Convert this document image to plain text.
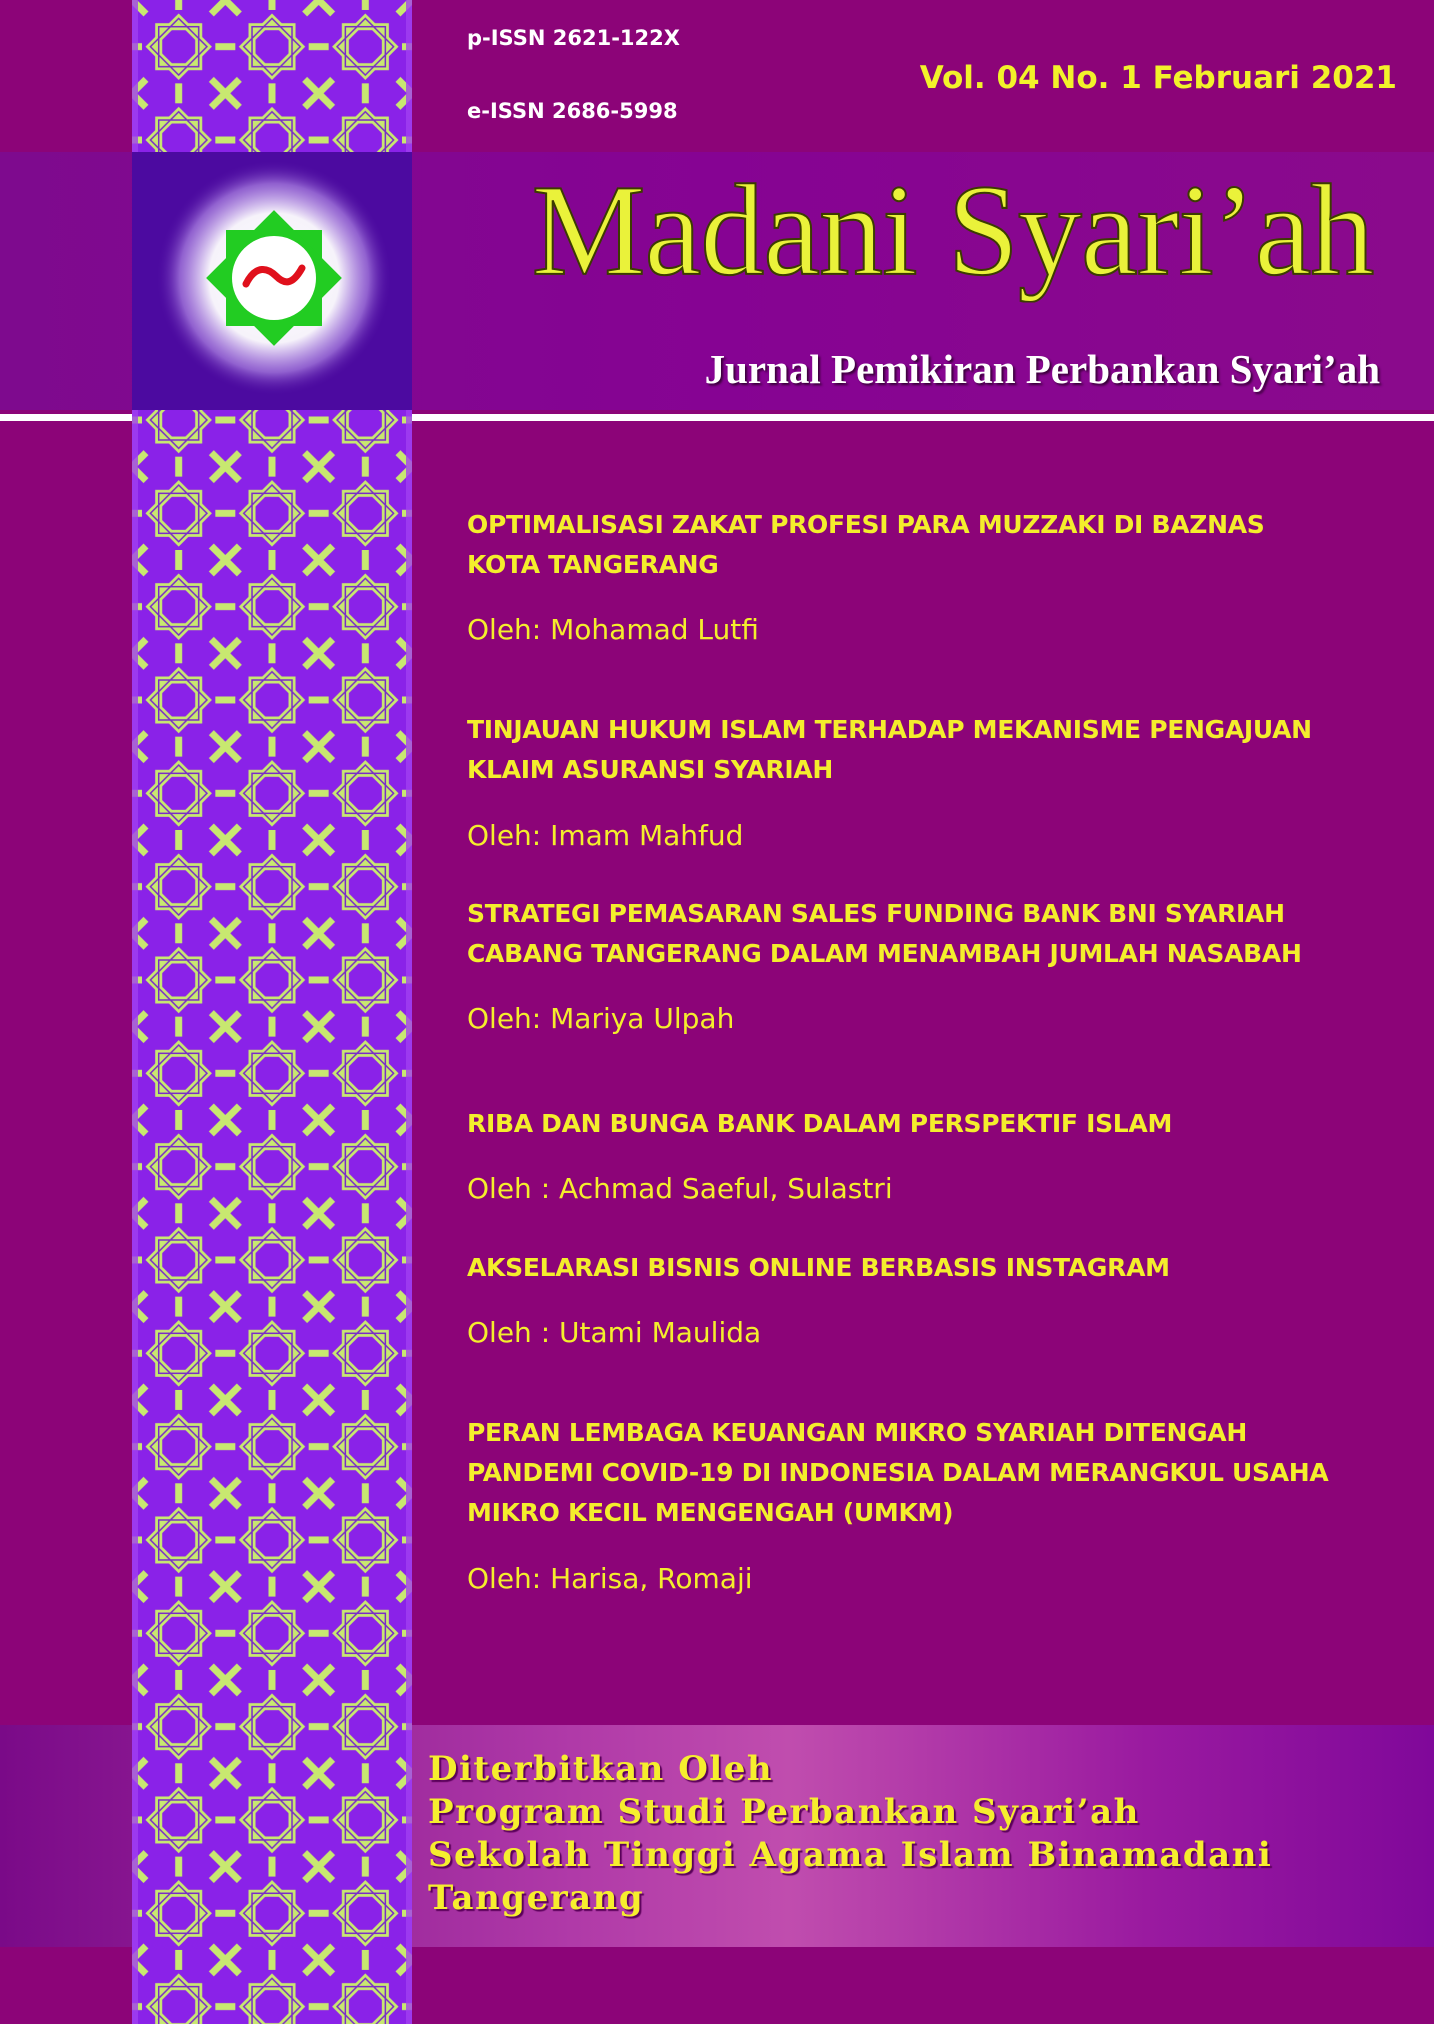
p-ISSN 2621-122X
e-ISSN 2686-5998
Vol. 04 No. 1 Februari 2021
Madani Syari’ah
Jurnal Pemikiran Perbankan Syari’ah
OPTIMALISASI ZAKAT PROFESI PARA MUZZAKI DI BAZNAS
KOTA TANGERANG
Oleh: Mohamad Lutfi
TINJAUAN HUKUM ISLAM TERHADAP MEKANISME PENGAJUAN
KLAIM ASURANSI SYARIAH
Oleh: Imam Mahfud
STRATEGI PEMASARAN SALES FUNDING BANK BNI SYARIAH
CABANG TANGERANG DALAM MENAMBAH JUMLAH NASABAH
Oleh: Mariya Ulpah
RIBA DAN BUNGA BANK DALAM PERSPEKTIF ISLAM
Oleh : Achmad Saeful, Sulastri
AKSELARASI BISNIS ONLINE BERBASIS INSTAGRAM
Oleh : Utami Maulida
PERAN LEMBAGA KEUANGAN MIKRO SYARIAH DITENGAH
PANDEMI COVID-19 DI INDONESIA DALAM MERANGKUL USAHA
MIKRO KECIL MENGENGAH (UMKM)
Oleh: Harisa, Romaji
Diterbitkan Oleh
Program Studi Perbankan Syari’ah
Sekolah Tinggi Agama Islam Binamadani
Tangerang
